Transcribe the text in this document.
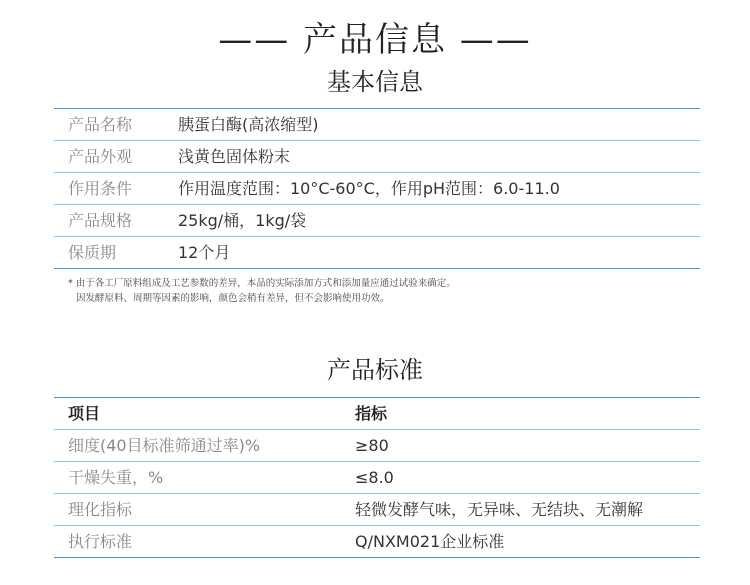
—— 产品信息 ——
基本信息
产品名称	胰蛋白酶(高浓缩型)
产品外观	浅黄色固体粉末
作用条件	作用温度范围：10°C-60°C，作用pH范围：6.0-11.0
产品规格	25kg/桶，1kg/袋
保质期	12个月
* 由于各工厂原料组成及工艺参数的差异，本品的实际添加方式和添加量应通过试验来确定。
因发酵原料、周期等因素的影响，颜色会稍有差异，但不会影响使用功效。
产品标准
项目	指标
细度(40目标准筛通过率)%	≥80
干燥失重，%	≤8.0
理化指标	轻微发酵气味，无异味、无结块、无潮解
执行标准	Q/NXM021企业标准
